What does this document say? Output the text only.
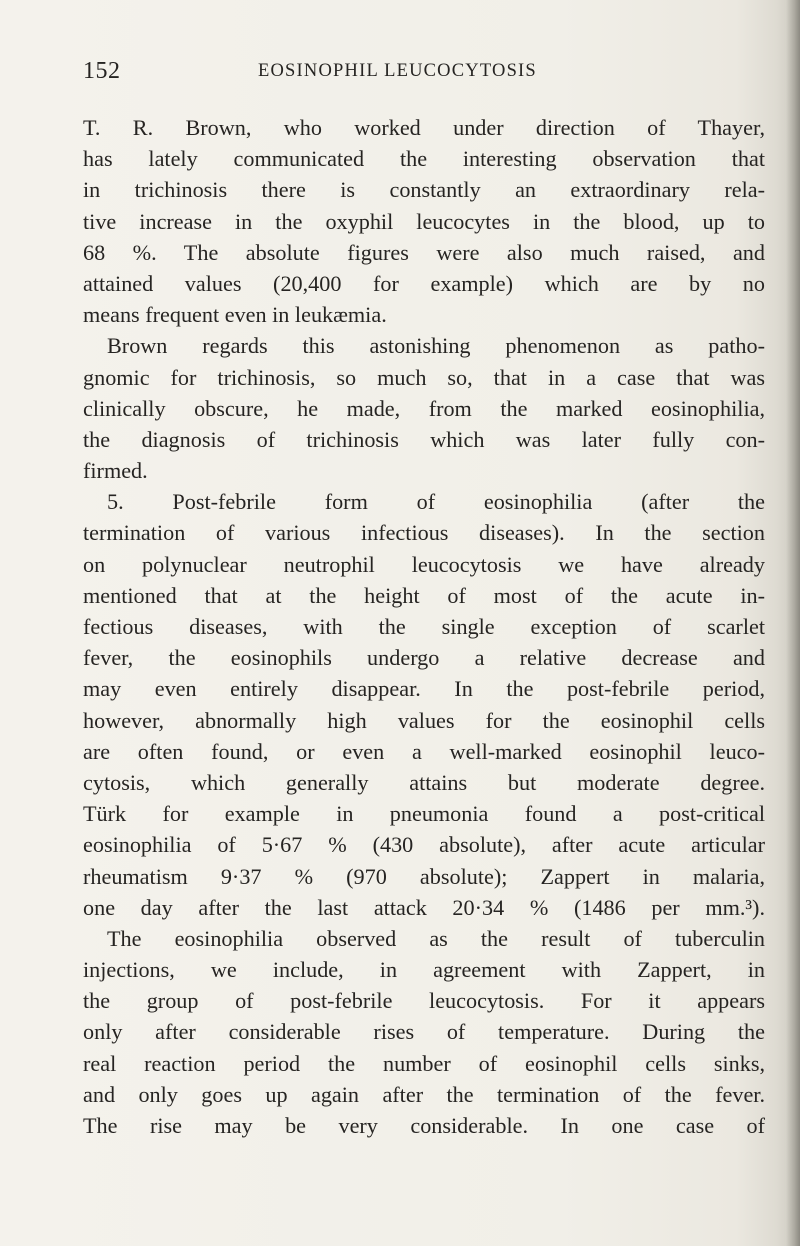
152	EOSINOPHIL LEUCOCYTOSIS
T. R. Brown, who worked under direction of Thayer,
has lately communicated the interesting observation that
in trichinosis there is constantly an extraordinary rela-
tive increase in the oxyphil leucocytes in the blood, up to
68 %. The absolute figures were also much raised, and
attained values (20,400 for example) which are by no
means frequent even in leukæmia.
Brown regards this astonishing phenomenon as patho-
gnomic for trichinosis, so much so, that in a case that was
clinically obscure, he made, from the marked eosinophilia,
the diagnosis of trichinosis which was later fully con-
firmed.
5. Post-febrile form of eosinophilia (after the
termination of various infectious diseases). In the section
on polynuclear neutrophil leucocytosis we have already
mentioned that at the height of most of the acute in-
fectious diseases, with the single exception of scarlet
fever, the eosinophils undergo a relative decrease and
may even entirely disappear. In the post-febrile period,
however, abnormally high values for the eosinophil cells
are often found, or even a well-marked eosinophil leuco-
cytosis, which generally attains but moderate degree.
Türk for example in pneumonia found a post-critical
eosinophilia of 5·67 % (430 absolute), after acute articular
rheumatism 9·37 % (970 absolute); Zappert in malaria,
one day after the last attack 20·34 % (1486 per mm.³).
The eosinophilia observed as the result of tuberculin
injections, we include, in agreement with Zappert, in
the group of post-febrile leucocytosis. For it appears
only after considerable rises of temperature. During the
real reaction period the number of eosinophil cells sinks,
and only goes up again after the termination of the fever.
The rise may be very considerable. In one case of
